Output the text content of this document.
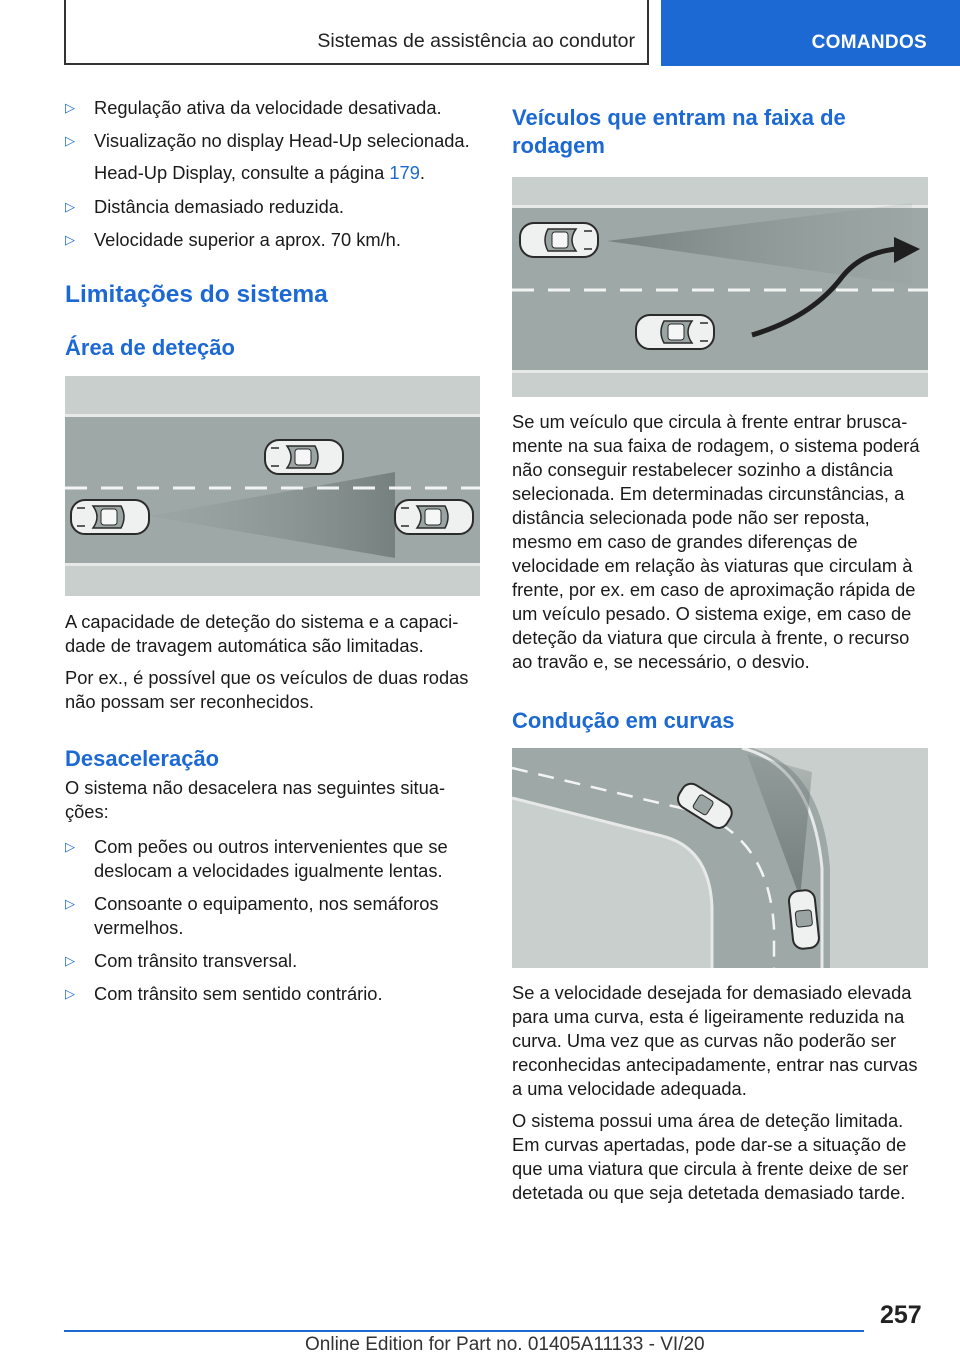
Sistemas de assistência ao condutor	COMANDOS
▷	Regulação ativa da velocidade desativada.
▷	Visualização no display Head-Up selecionada.
Head-Up Display, consulte a página 179.
▷	Distância demasiado reduzida.
▷	Velocidade superior a aprox. 70 km/h.
Limitações do sistema
Área de deteção
A capacidade de deteção do sistema e a capacidade de travagem automática são limitadas.
Por ex., é possível que os veículos de duas rodas não possam ser reconhecidos.
Desaceleração
O sistema não desacelera nas seguintes situações:
▷	Com peões ou outros intervenientes que se deslocam a velocidades igualmente lentas.
▷	Consoante o equipamento, nos semáforos vermelhos.
▷	Com trânsito transversal.
▷	Com trânsito sem sentido contrário.
Veículos que entram na faixa de rodagem
Se um veículo que circula à frente entrar bruscamente na sua faixa de rodagem, o sistema poderá não conseguir restabelecer sozinho a distância selecionada. Em determinadas circunstâncias, a distância selecionada pode não ser reposta, mesmo em caso de grandes diferenças de velocidade em relação às viaturas que circulam à frente, por ex. em caso de aproximação rápida de um veículo pesado. O sistema exige, em caso de deteção da viatura que circula à frente, o recurso ao travão e, se necessário, o desvio.
Condução em curvas
Se a velocidade desejada for demasiado elevada para uma curva, esta é ligeiramente reduzida na curva. Uma vez que as curvas não poderão ser reconhecidas antecipadamente, entrar nas curvas a uma velocidade adequada.
O sistema possui uma área de deteção limitada. Em curvas apertadas, pode dar-se a situação de que uma viatura que circula à frente deixe de ser detetada ou que seja detetada demasiado tarde.
257
Online Edition for Part no. 01405A11133 - VI/20
